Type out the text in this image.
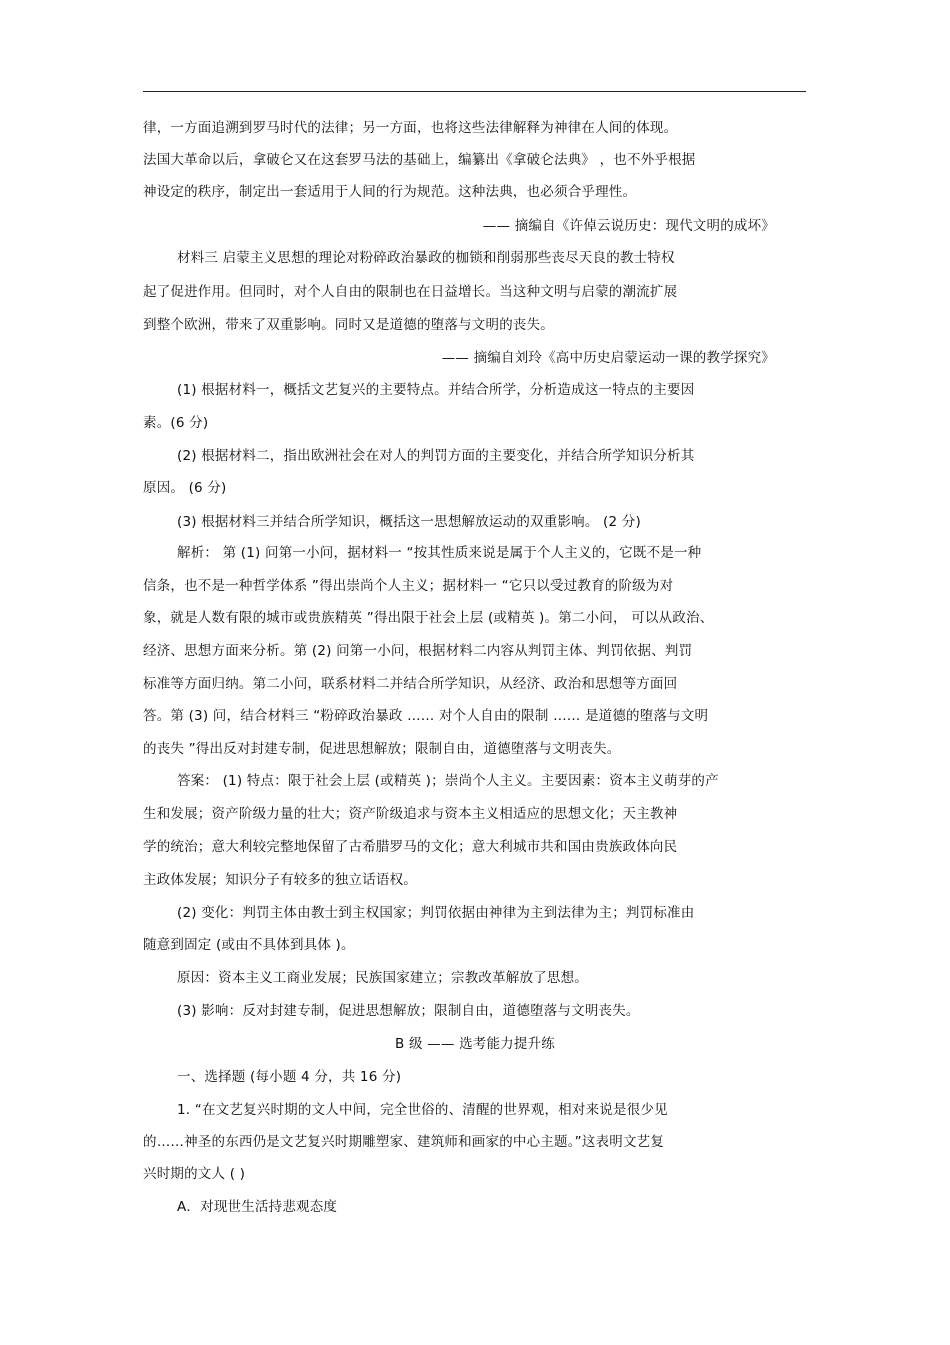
律，一方面追溯到罗马时代的法律；另一方面，也将这些法律解释为神律在人间的体现。
法国大革命以后，拿破仑又在这套罗马法的基础上，编纂出《拿破仑法典》 ，也不外乎根据
神设定的秩序，制定出一套适用于人间的行为规范。这种法典，也必须合乎理性。
—— 摘编自《许倬云说历史：现代文明的成坏》
材料三 启蒙主义思想的理论对粉碎政治暴政的枷锁和削弱那些丧尽天良的教士特权
起了促进作用。但同时，对个人自由的限制也在日益增长。当这种文明与启蒙的潮流扩展
到整个欧洲，带来了双重影响。同时又是道德的堕落与文明的丧失。
—— 摘编自刘玲《高中历史启蒙运动一课的教学探究》
(1) 根据材料一，概括文艺复兴的主要特点。并结合所学，分析造成这一特点的主要因
素。(6 分)
(2) 根据材料二，指出欧洲社会在对人的判罚方面的主要变化，并结合所学知识分析其
原因。 (6 分)
(3) 根据材料三并结合所学知识，概括这一思想解放运动的双重影响。 (2 分)
解析： 第 (1) 问第一小问，据材料一 “按其性质来说是属于个人主义的，它既不是一种
信条，也不是一种哲学体系 ”得出崇尚个人主义；据材料一 “它只以受过教育的阶级为对
象，就是人数有限的城市或贵族精英 ”得出限于社会上层 (或精英 )。第二小问， 可以从政治、
经济、思想方面来分析。第 (2) 问第一小问，根据材料二内容从判罚主体、判罚依据、判罚
标准等方面归纳。第二小问，联系材料二并结合所学知识，从经济、政治和思想等方面回
答。第 (3) 问，结合材料三 “粉碎政治暴政 …… 对个人自由的限制 …… 是道德的堕落与文明
的丧失 ”得出反对封建专制，促进思想解放；限制自由，道德堕落与文明丧失。
答案： (1) 特点：限于社会上层 (或精英 )；崇尚个人主义。主要因素：资本主义萌芽的产
生和发展；资产阶级力量的壮大；资产阶级追求与资本主义相适应的思想文化；天主教神
学的统治；意大利较完整地保留了古希腊罗马的文化；意大利城市共和国由贵族政体向民
主政体发展；知识分子有较多的独立话语权。
(2) 变化：判罚主体由教士到主权国家；判罚依据由神律为主到法律为主；判罚标准由
随意到固定 (或由不具体到具体 )。
原因：资本主义工商业发展；民族国家建立；宗教改革解放了思想。
(3) 影响：反对封建专制，促进思想解放；限制自由，道德堕落与文明丧失。
B 级 —— 选考能力提升练
一、选择题 (每小题 4 分，共 16 分)
1. “在文艺复兴时期的文人中间，完全世俗的、清醒的世界观，相对来说是很少见
的……神圣的东西仍是文艺复兴时期雕塑家、建筑师和画家的中心主题。”这表明文艺复
兴时期的文人 ( )
A．对现世生活持悲观态度
